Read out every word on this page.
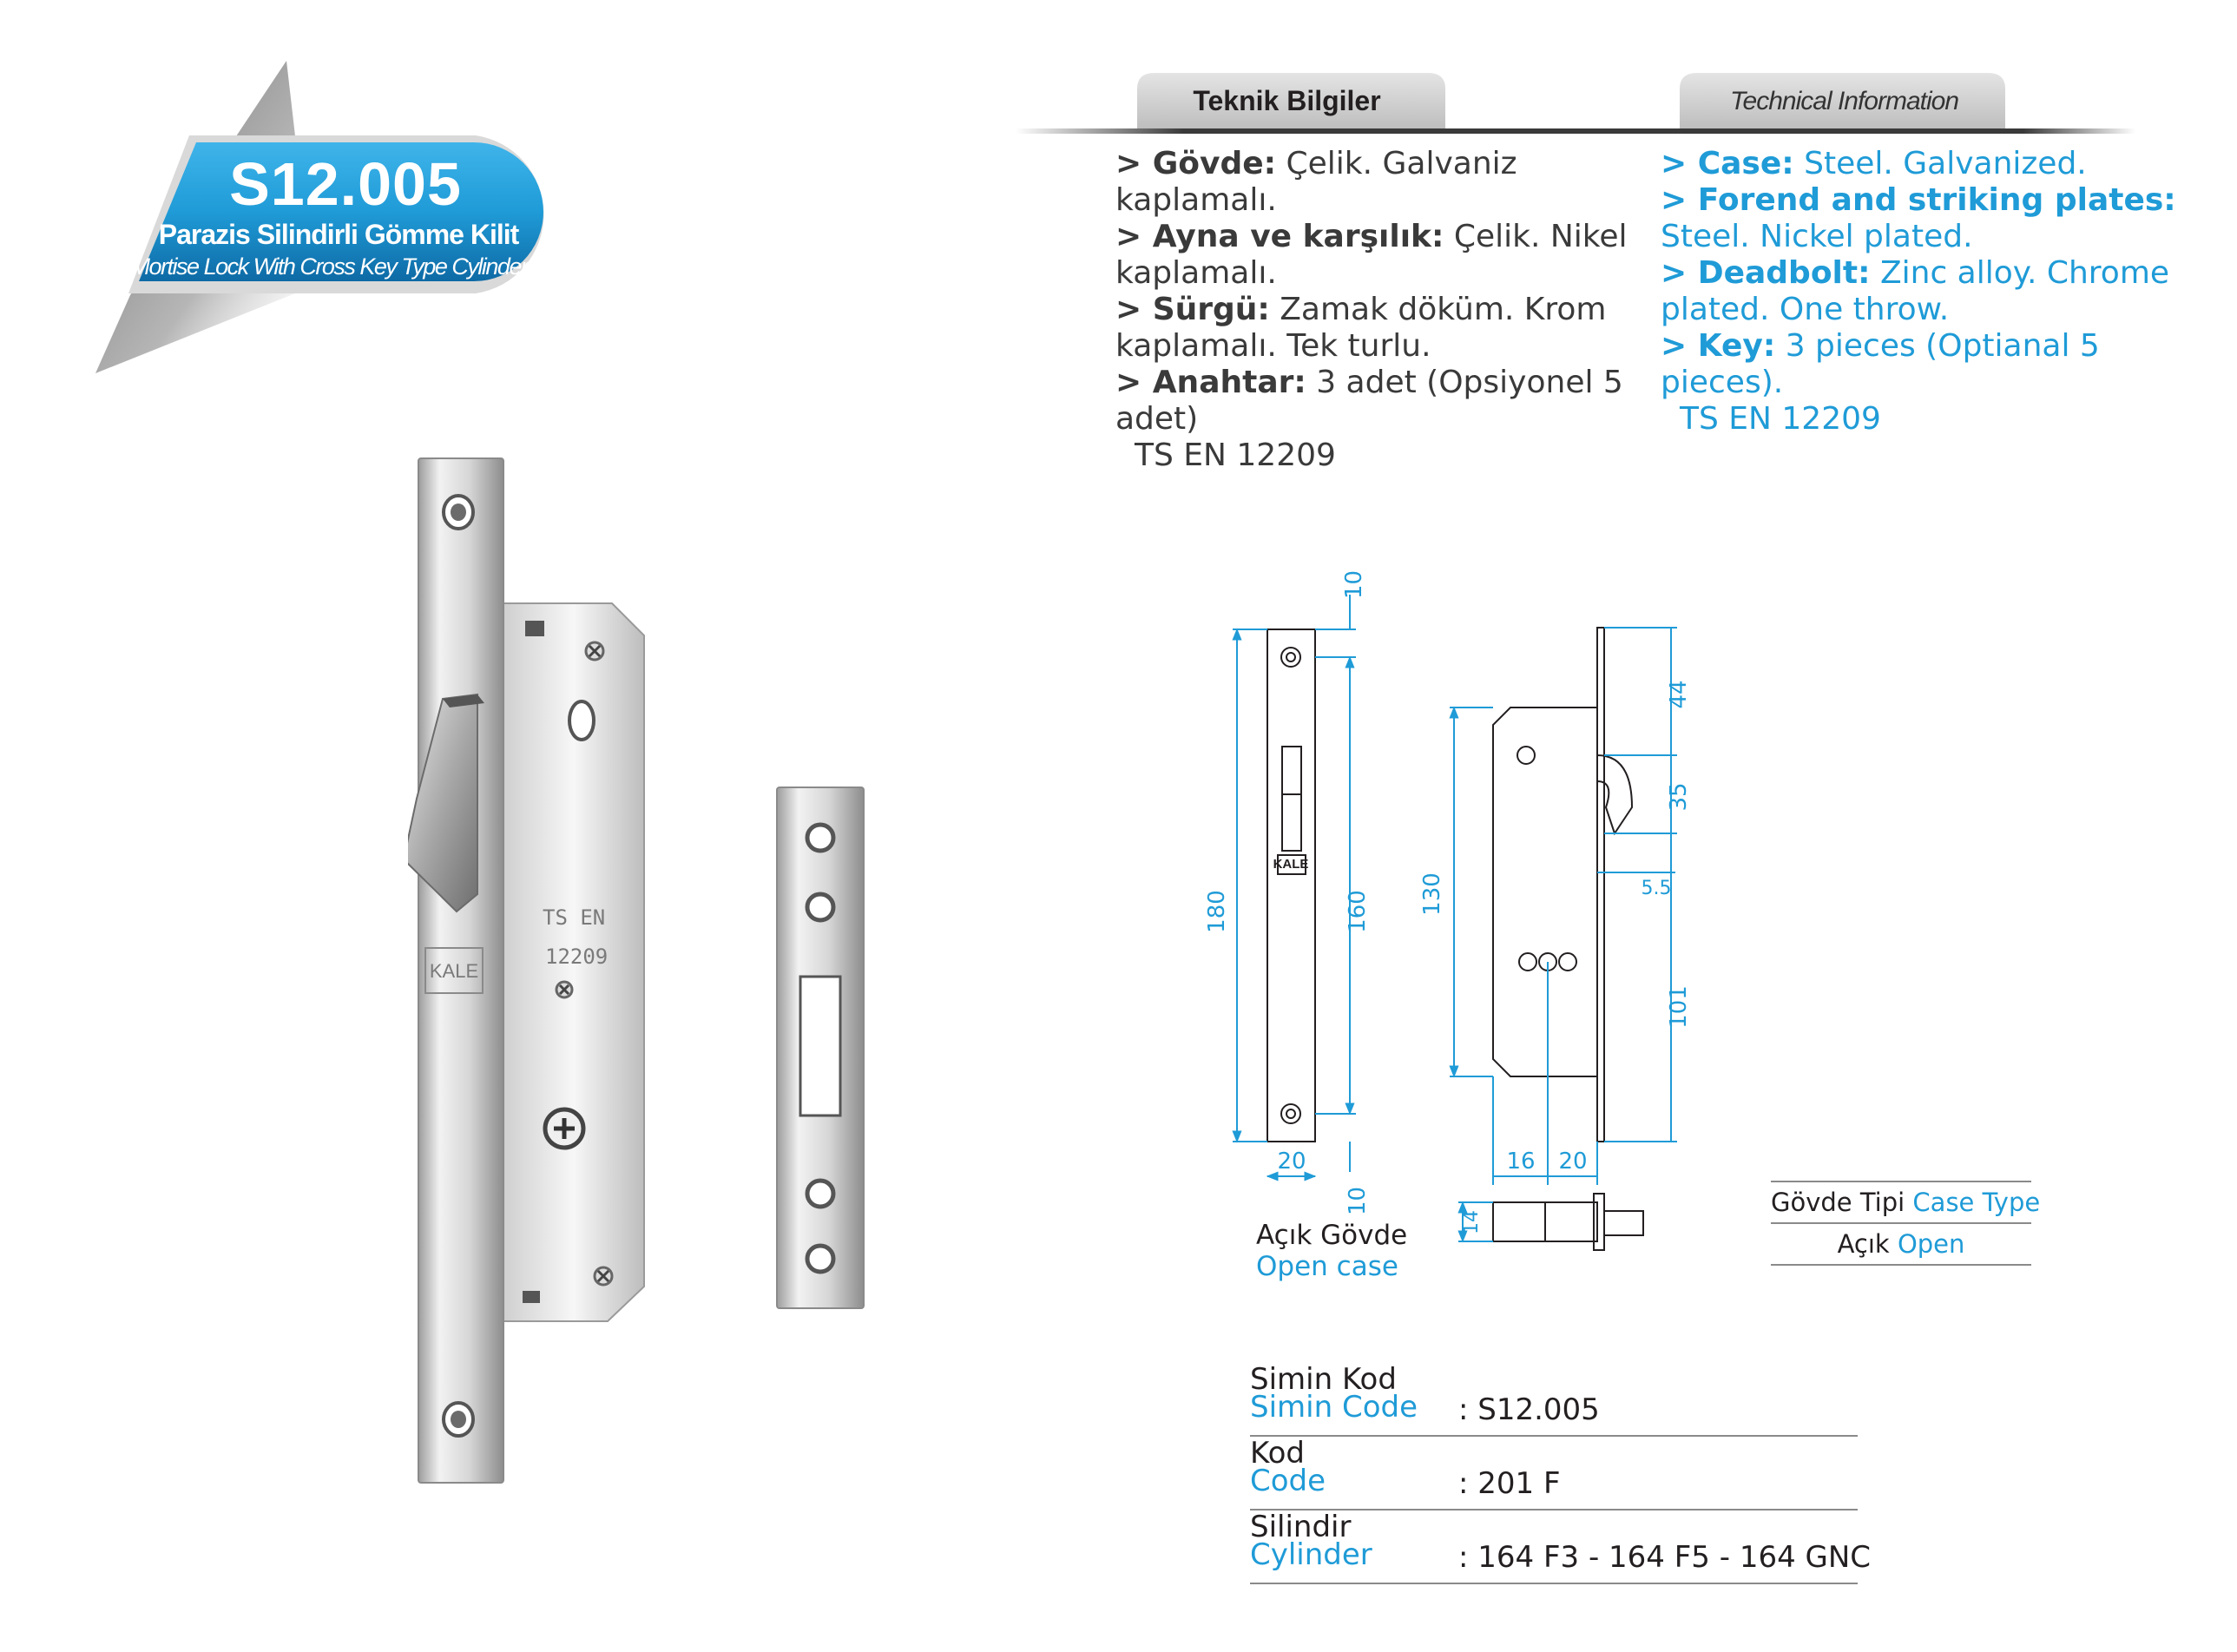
S12.005
Parazis Silindirli Gömme Kilit
Mortise Lock With Cross Key Type Cylinders
Teknik Bilgiler	Technical Information
> Gövde: Çelik. Galvaniz kaplamalı.
> Ayna ve karşılık: Çelik. Nikel kaplamalı.
> Sürgü: Zamak döküm. Krom kaplamalı. Tek turlu.
> Anahtar: 3 adet (Opsiyonel 5 adet)
TS EN 12209
> Case: Steel. Galvanized.
> Forend and striking plates: Steel. Nickel plated.
> Deadbolt: Zinc alloy. Chrome plated. One throw.
> Key: 3 pieces (Optianal 5 pieces).
TS EN 12209
KALE
TS EN
12209
KALE
10
180	160
20
10
130
44
35
5.5
101
16 20
14
Açık Gövde
Open case
Gövde Tipi Case Type
Açık Open
Simin Kod
Simin Code : S12.005
Kod
Code	: 201 F
Silindir
Cylinder	: 164 F3 - 164 F5 - 164 GNC
